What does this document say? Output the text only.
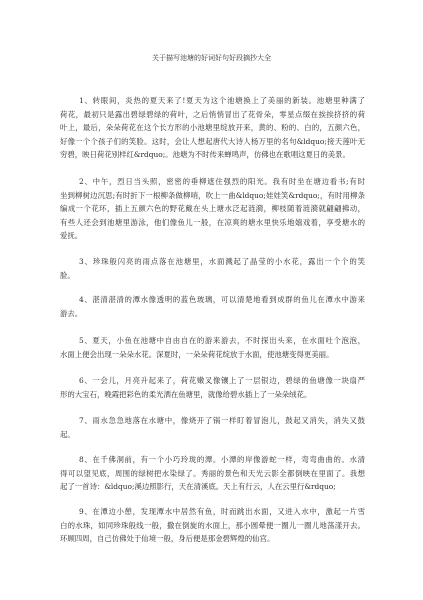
关于描写池塘的好词好句好段摘抄大全
1、转眼间，炎热的夏天来了!夏天为这个池塘换上了美丽的新装。池塘里种满了
荷花，最初只是露出碧绿碧绿的荷叶，之后悄悄冒出了花骨朵，零星点缀在挨挨挤挤的荷
叶上，最后，朵朵荷花在这个长方形的小池塘里绽放开来，黄的、粉的、白的，五颜六色，
好像一个个孩子们的笑脸。这时，会让人想起唐代大诗人杨万里的名句&ldquo;接天莲叶无
穷碧，映日荷花别样红&rdquo;。池塘为不时传来蝉鸣声，仿佛也在歌唱这夏日的美景。
2、中午，烈日当头照，密密的垂柳遮住强烈的阳光。我有时坐在塘边看书;有时
坐到柳树边沉思;有时折下一根柳条做柳哨，吹上一曲&ldquo;娃娃笑&rdquo;，有时用柳条
编成一个花环，插上五颜六色的野花戴在头上塘水泛起涟漪，柳枝随着涟漪就翩翩拂动，
有些人还会到池塘里游泳，他们像鱼儿一般，在凉爽的塘水里快乐地嬉戏着，享受塘水的
爱抚。
3、珍珠般闪亮的雨点落在池塘里，水面溅起了晶莹的小水花，露出一个个的笑
脸。
4、湛清湛清的潭水像透明的蓝色玻璃，可以清楚地看到成群的鱼儿在潭水中游来
游去。
5、夏天，小鱼在池塘中自由自在的游来游去，不时探出头来，在水面吐个泡泡，
水面上便会出现一朵朵水花。深夏时，一朵朵荷花绽放于水面，使池塘变得更美丽。
6、一会儿，月亮升起来了，荷花嫩叉像镶上了一层银边，碧绿的鱼塘像一块扇严
形的大宝石，晚霞把彩色的柔光洒在鱼塘里，就像给碧水插上了一朵朵绒花。
7、雨水急急地落在水塘中，像烧开了锅一样盯着冒泡儿，鼓起又消失，消失又鼓
起。
8、在千佛洞前，有一个小巧玲珑的潭。小潭的岸像游蛇一样，弯弯曲曲的。水清
得可以望见底，周围的绿树把水染绿了。秀丽的景色和天光云影全都倒映在里面了。我想
起了一首诗：&ldquo;溪边照影行，天在清溪底。天上有行云，人在云里行&rdquo;
9、在潭边小憩，发现潭水中居然有鱼，时而跳出水面，又进入水中，激起一片雪
白的水珠，如同珍珠般线一般，撒在倒旋的水面上，那小圆晕便一圈儿一圈儿地荡漾开去。
环顾四周，自己仿佛处于仙境一般，身后便是那金碧辉煌的仙宫。
